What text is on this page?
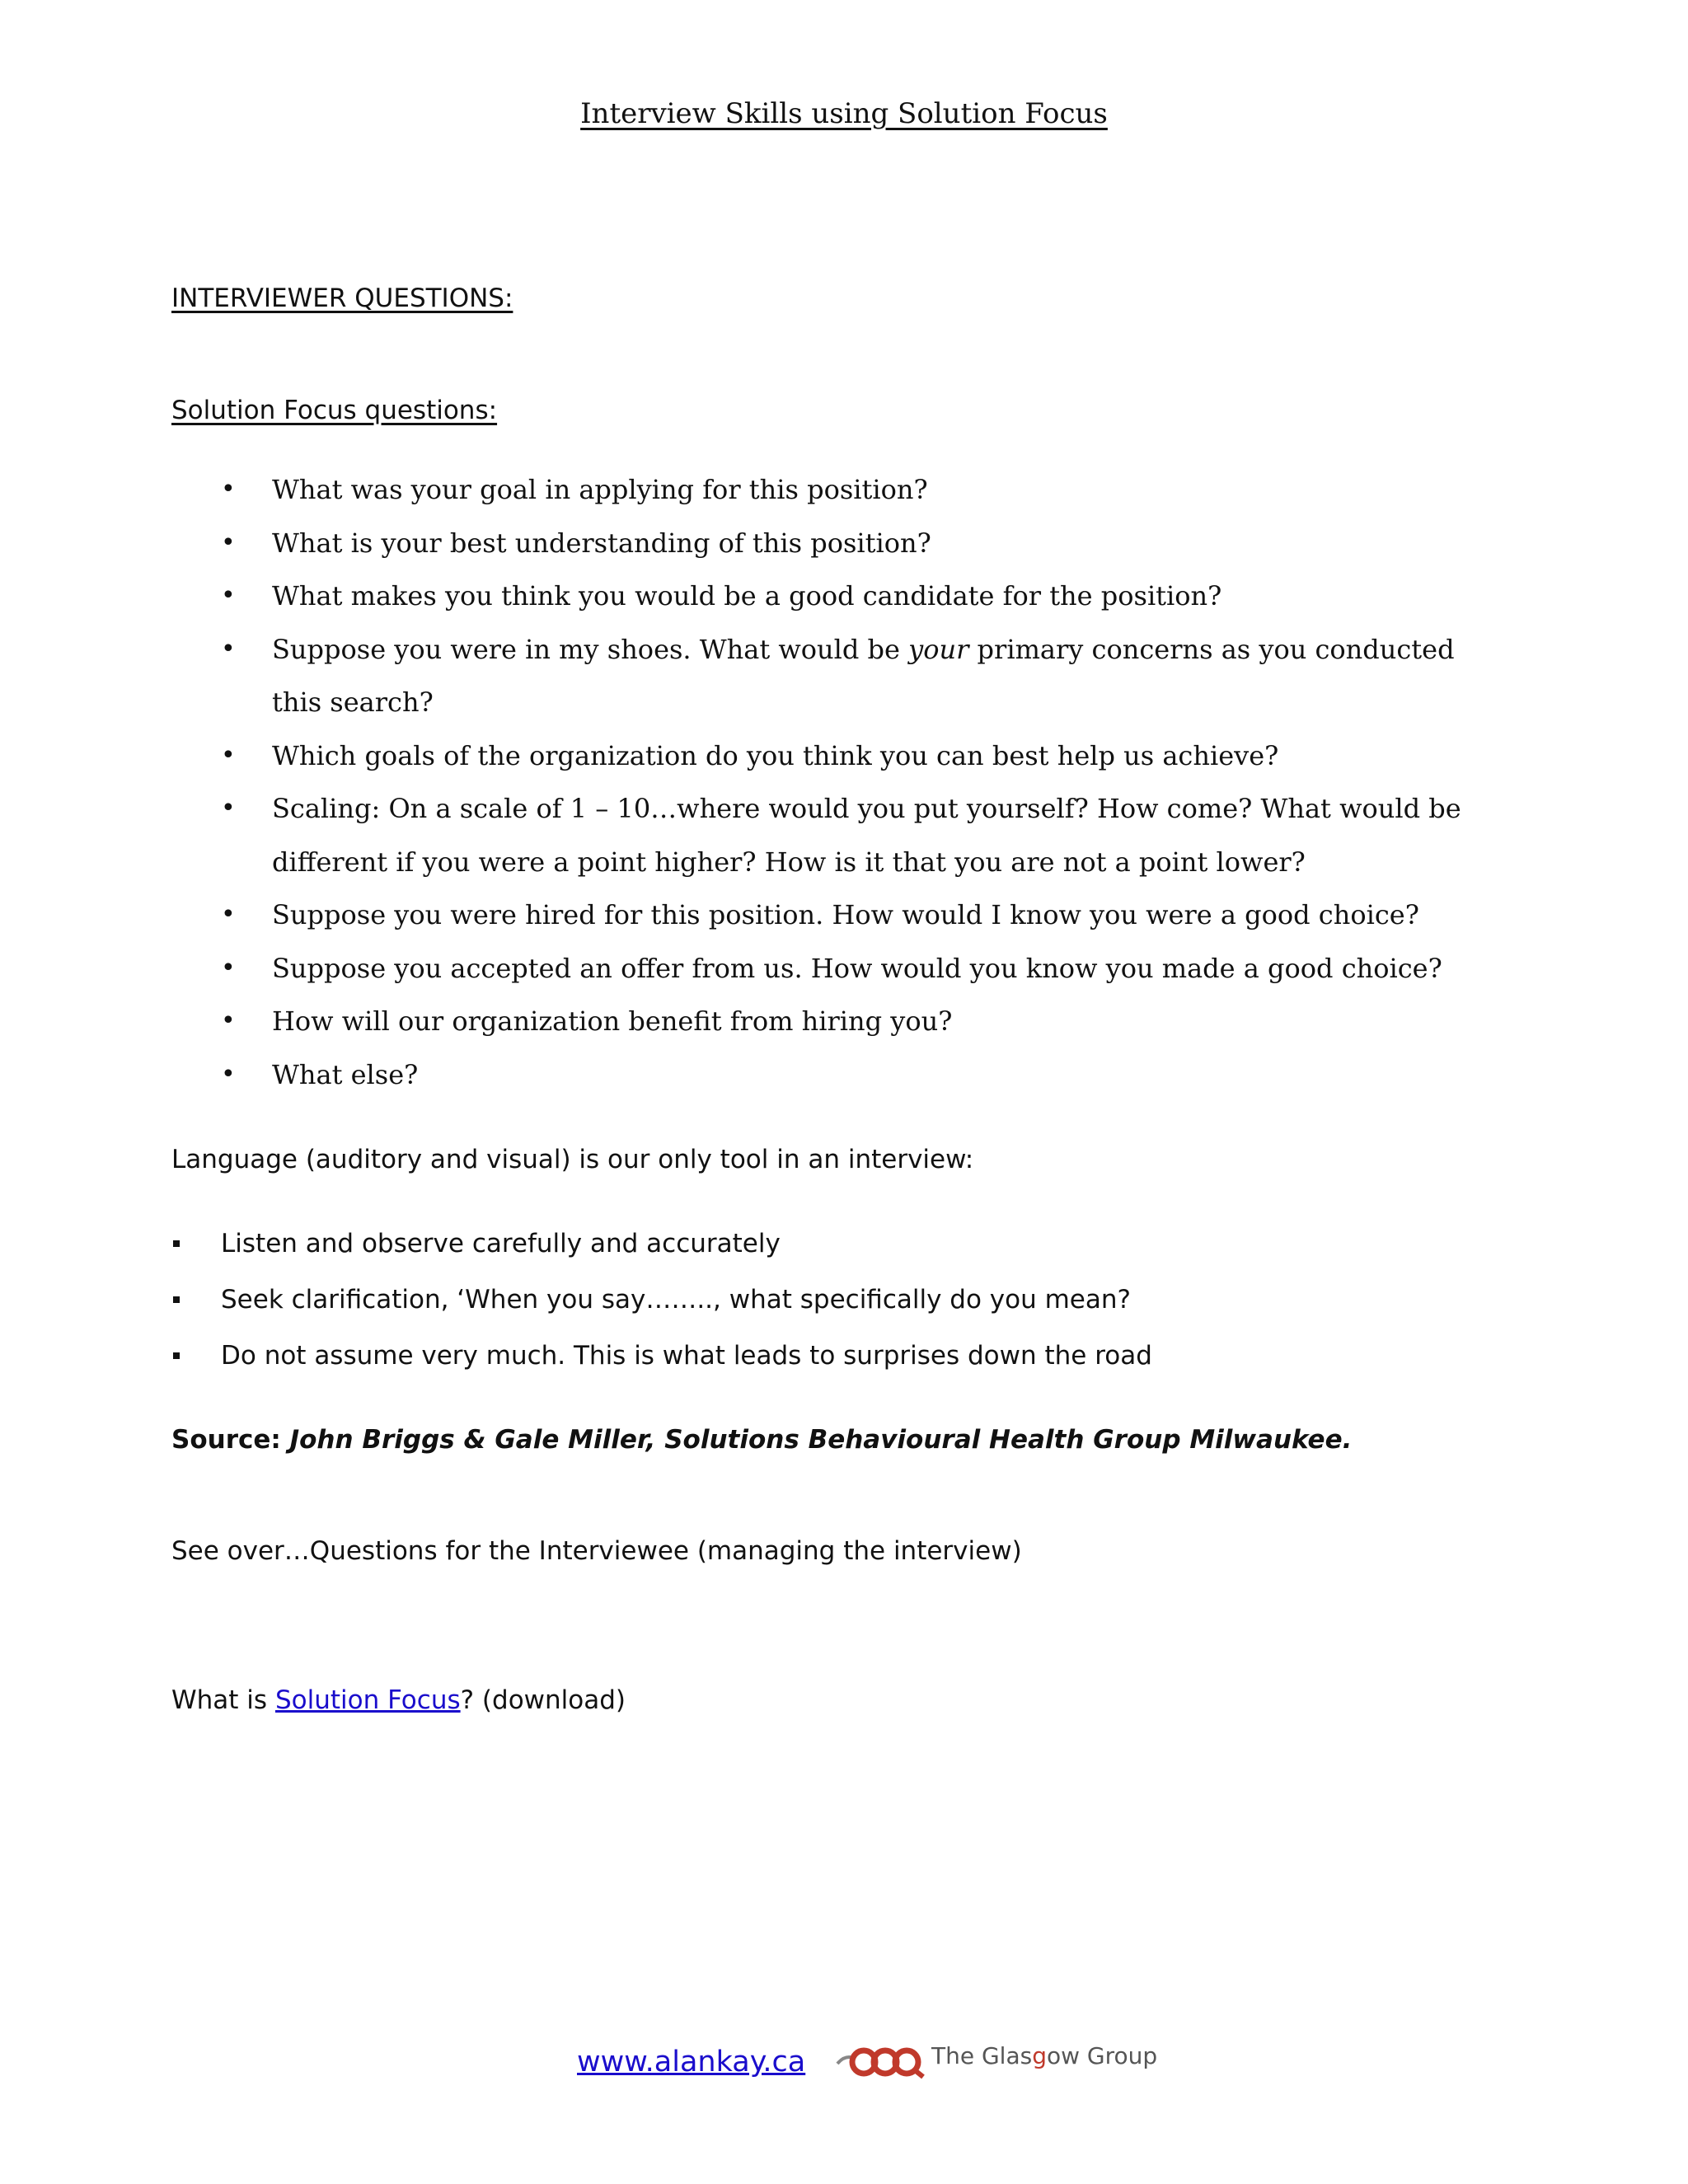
Interview Skills using Solution Focus
INTERVIEWER QUESTIONS:
Solution Focus questions:
• What was your goal in applying for this position?
• What is your best understanding of this position?
• What makes you think you would be a good candidate for the position?
• Suppose you were in my shoes. What would be your primary concerns as you conducted this search?
• Which goals of the organization do you think you can best help us achieve?
• Scaling: On a scale of 1 – 10…where would you put yourself? How come? What would be different if you were a point higher? How is it that you are not a point lower?
• Suppose you were hired for this position. How would I know you were a good choice?
• Suppose you accepted an offer from us. How would you know you made a good choice?
• How will our organization benefit from hiring you?
• What else?
Language (auditory and visual) is our only tool in an interview:
Listen and observe carefully and accurately
Seek clarification, ‘When you say…….., what specifically do you mean?
Do not assume very much. This is what leads to surprises down the road
Source: John Briggs & Gale Miller, Solutions Behavioural Health Group Milwaukee.
See over…Questions for the Interviewee (managing the interview)
What is Solution Focus? (download)
www.alankay.ca	The Glasgow Group
